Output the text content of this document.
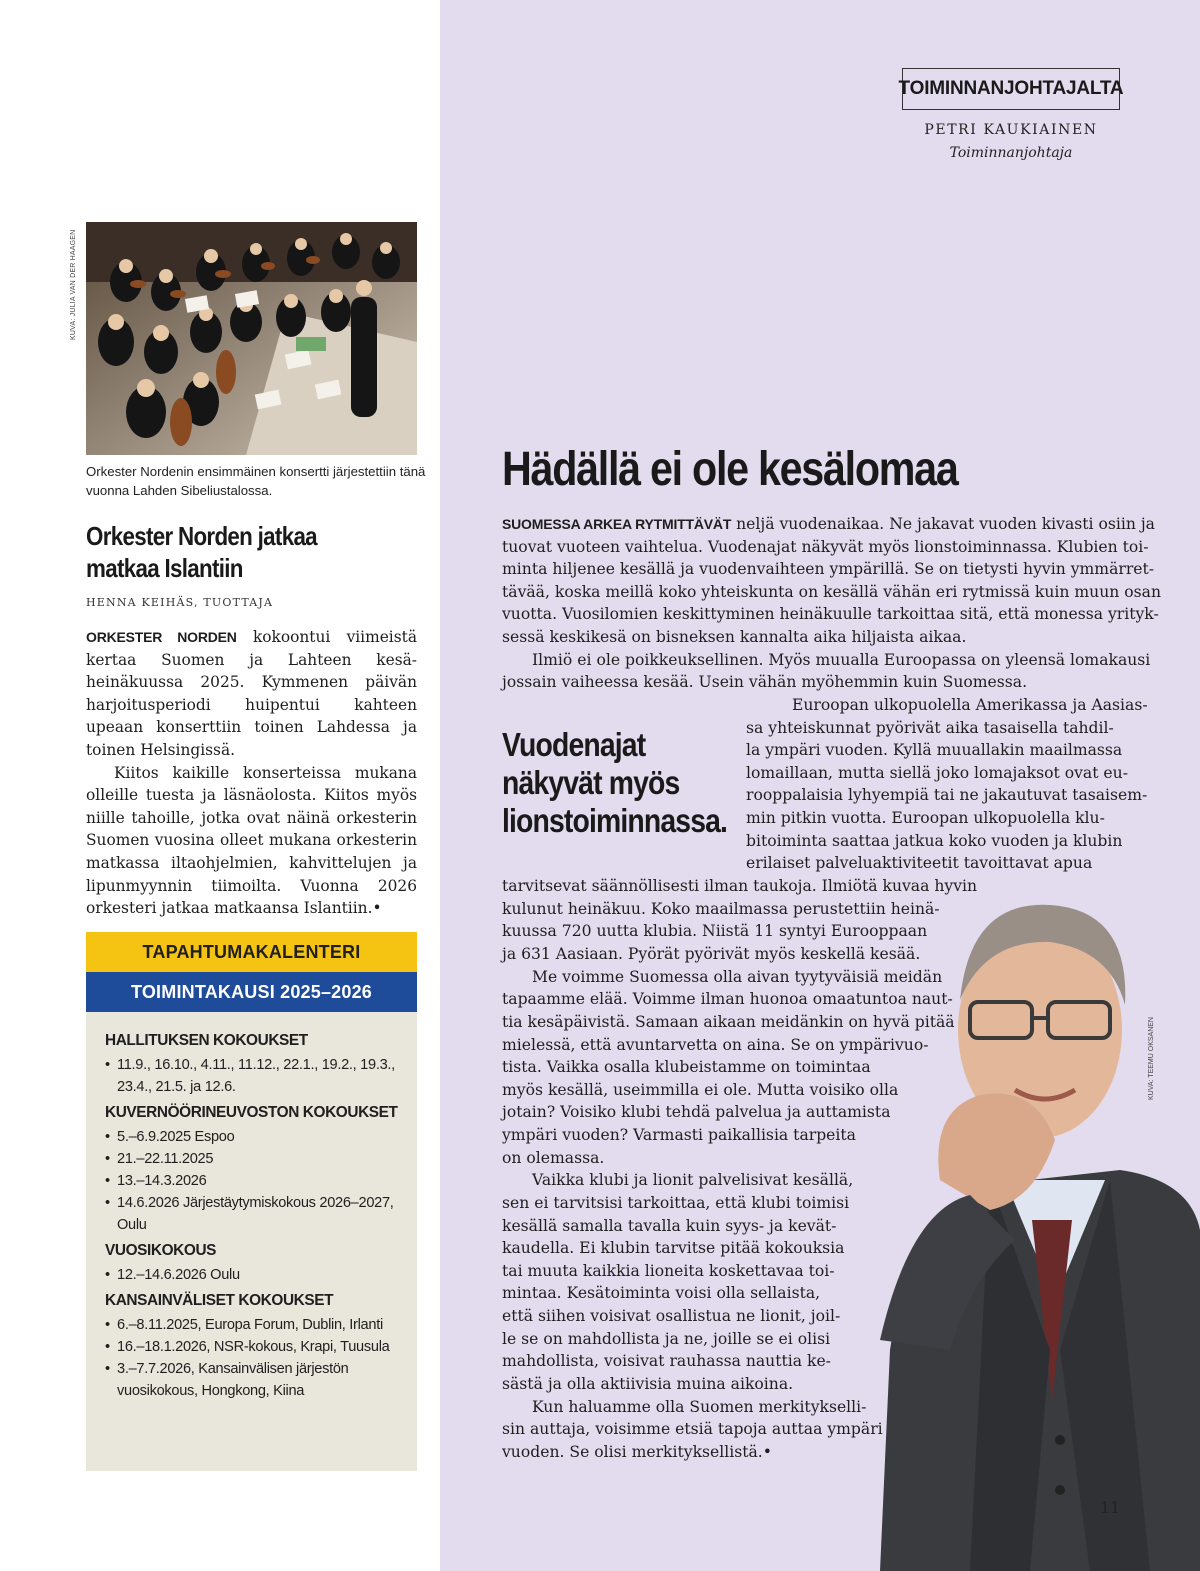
KUVA: JULIA VAN DER HAAGEN
Orkester Nordenin ensimmäinen konsertti järjestettiin tänä vuonna Lahden Sibeliustalossa.
Orkester Norden jatkaa matkaa Islantiin
HENNA KEIHÄS, TUOTTAJA

ORKESTER NORDEN kokoontui viimeistä kertaa Suomen ja Lahteen kesä-heinäkuussa 2025. Kymmenen päivän harjoitusperiodi huipentui kahteen upeaan konserttiin toinen Lahdessa ja toinen Helsingissä.

Kiitos kaikille konserteissa mukana olleille tuesta ja läsnäolosta. Kiitos myös niille tahoille, jotka ovat näinä orkesterin Suomen vuosina olleet mukana orkesterin matkassa iltaohjelmien, kahvittelujen ja lipunmyynnin tiimoilta. Vuonna 2026 orkesteri jatkaa matkaansa Islantiin.•

TAPAHTUMAKALENTERI
TOIMINTAKAUSI 2025–2026
HALLITUKSEN KOKOUKSET
• 11.9., 16.10., 4.11., 11.12., 22.1., 19.2., 19.3., 23.4., 21.5. ja 12.6.
KUVERNÖÖRINEUVOSTON KOKOUKSET
• 5.–6.9.2025 Espoo
• 21.–22.11.2025
• 13.–14.3.2026
• 14.6.2026 Järjestäytymiskokous 2026–2027, Oulu
VUOSIKOKOUS
• 12.–14.6.2026 Oulu
KANSAINVÄLISET KOKOUKSET
• 6.–8.11.2025, Europa Forum, Dublin, Irlanti
• 16.–18.1.2026, NSR-kokous, Krapi, Tuusula
• 3.–7.7.2026, Kansainvälisen järjestön vuosikokous, Hongkong, Kiina
TOIMINNANJOHTAJALTA
PETRI KAUKIAINEN
Toiminnanjohtaja
Hädällä ei ole kesälomaa
Vuodenajat näkyvät myös lionstoiminnassa.
KUVA: TEEMU OKSANEN
SUOMESSA ARKEA RYTMITTÄVÄT neljä vuodenaikaa. Ne jakavat vuoden kivasti osiin ja
tuovat vuoteen vaihtelua. Vuodenajat näkyvät myös lionstoiminnassa. Klubien toi-
minta hiljenee kesällä ja vuodenvaihteen ympärillä. Se on tietysti hyvin ymmärret-
tävää, koska meillä koko yhteiskunta on kesällä vähän eri rytmissä kuin muun osan
vuotta. Vuosilomien keskittyminen heinäkuulle tarkoittaa sitä, että monessa yrityk-
sessä keskikesä on bisneksen kannalta aika hiljaista aikaa.
Ilmiö ei ole poikkeuksellinen. Myös muualla Euroopassa on yleensä lomakausi
jossain vaiheessa kesää. Usein vähän myöhemmin kuin Suomessa.
Euroopan ulkopuolella Amerikassa ja Aasias-
sa yhteiskunnat pyörivät aika tasaisella tahdil-
la ympäri vuoden. Kyllä muuallakin maailmassa
lomaillaan, mutta siellä joko lomajaksot ovat eu-
rooppalaisia lyhyempiä tai ne jakautuvat tasaisem-
min pitkin vuotta. Euroopan ulkopuolella klu-
bitoiminta saattaa jatkua koko vuoden ja klubin
erilaiset palveluaktiviteetit tavoittavat apua
tarvitsevat säännöllisesti ilman taukoja. Ilmiötä kuvaa hyvin
kulunut heinäkuu. Koko maailmassa perustettiin heinä-
kuussa 720 uutta klubia. Niistä 11 syntyi Eurooppaan
ja 631 Aasiaan. Pyörät pyörivät myös keskellä kesää.
Me voimme Suomessa olla aivan tyytyväisiä meidän
tapaamme elää. Voimme ilman huonoa omaatuntoa naut-
tia kesäpäivistä. Samaan aikaan meidänkin on hyvä pitää
mielessä, että avuntarvetta on aina. Se on ympärivuo-
tista. Vaikka osalla klubeistamme on toimintaa
myös kesällä, useimmilla ei ole. Mutta voisiko olla
jotain? Voisiko klubi tehdä palvelua ja auttamista
ympäri vuoden? Varmasti paikallisia tarpeita
on olemassa.
Vaikka klubi ja lionit palvelisivat kesällä,
sen ei tarvitsisi tarkoittaa, että klubi toimisi
kesällä samalla tavalla kuin syys- ja kevät-
kaudella. Ei klubin tarvitse pitää kokouksia
tai muuta kaikkia lioneita koskettavaa toi-
mintaa. Kesätoiminta voisi olla sellaista,
että siihen voisivat osallistua ne lionit, joil-
le se on mahdollista ja ne, joille se ei olisi
mahdollista, voisivat rauhassa nauttia ke-
sästä ja olla aktiivisia muina aikoina.
Kun haluamme olla Suomen merkitykselli-
sin auttaja, voisimme etsiä tapoja auttaa ympäri
vuoden. Se olisi merkityksellistä.•
11
